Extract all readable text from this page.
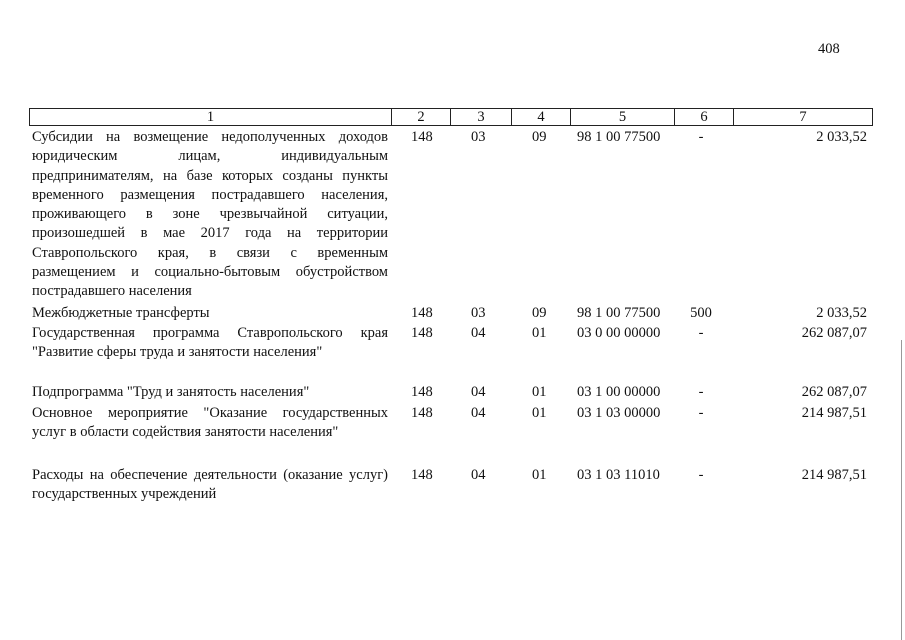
408
1	2	3	4	5	6	7
Субсидии на возмещение недополученных доходов юридическим лицам, индивидуальным предпринимателям, на базе которых созданы пункты временного размещения пострадавшего населения, проживающего в зоне чрезвычайной ситуации, произошедшей в мае 2017 года на территории Ставропольского края, в связи с временным размещением и социально-бытовым обустройством пострадавшего населения
148	03	09 98 1 00 77500	-	2 033,52
Межбюджетные трансферты	148	03	09 98 1 00 77500	500	2 033,52
Государственная программа Ставропольского края "Развитие сферы труда и занятости населения"
148	04	01 03 0 00 00000	-	262 087,07
Подпрограмма "Труд и занятость населения"	148	04	01 03 1 00 00000	-	262 087,07
Основное мероприятие "Оказание государственных услуг в области содействия занятости населения"
148	04	01 03 1 03 00000	-	214 987,51
Расходы на обеспечение деятельности (оказание услуг) государственных учреждений
148	04	01 03 1 03 11010	-	214 987,51
